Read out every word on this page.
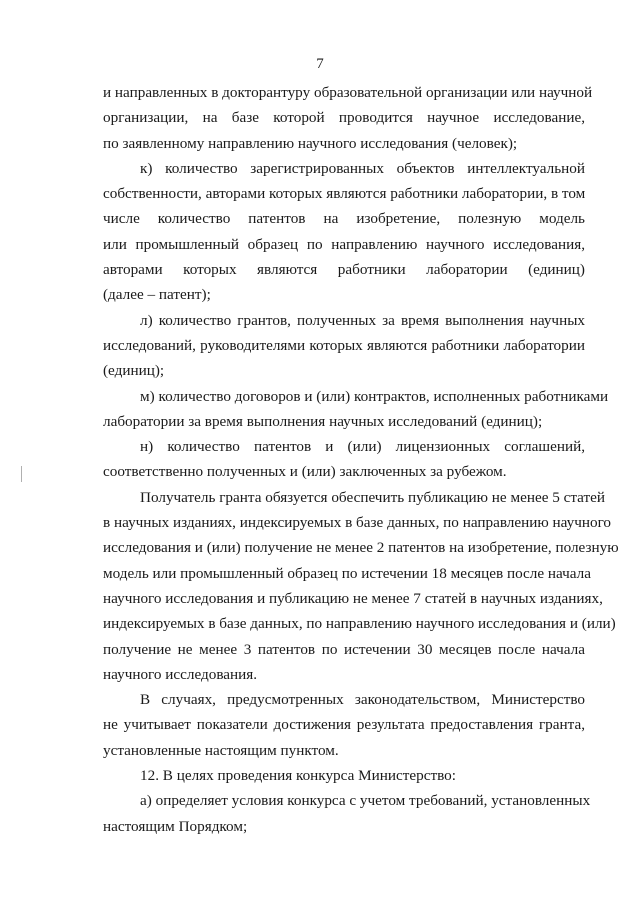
7
и направленных в докторантуру образовательной организации или научной
организации, на базе которой проводится научное исследование,
по заявленному направлению научного исследования (человек);
к) количество зарегистрированных объектов интеллектуальной
собственности, авторами которых являются работники лаборатории, в том
числе количество патентов на изобретение, полезную модель
или промышленный образец по направлению научного исследования,
авторами которых являются работники лаборатории (единиц)
(далее – патент);
л) количество грантов, полученных за время выполнения научных
исследований, руководителями которых являются работники лаборатории
(единиц);
м) количество договоров и (или) контрактов, исполненных работниками
лаборатории за время выполнения научных исследований (единиц);
н) количество патентов и (или) лицензионных соглашений,
соответственно полученных и (или) заключенных за рубежом.
Получатель гранта обязуется обеспечить публикацию не менее 5 статей
в научных изданиях, индексируемых в базе данных, по направлению научного
исследования и (или) получение не менее 2 патентов на изобретение, полезную
модель или промышленный образец по истечении 18 месяцев после начала
научного исследования и публикацию не менее 7 статей в научных изданиях,
индексируемых в базе данных, по направлению научного исследования и (или)
получение не менее 3 патентов по истечении 30 месяцев после начала
научного исследования.
В случаях, предусмотренных законодательством, Министерство
не учитывает показатели достижения результата предоставления гранта,
установленные настоящим пунктом.
12. В целях проведения конкурса Министерство:
а) определяет условия конкурса с учетом требований, установленных
настоящим Порядком;
